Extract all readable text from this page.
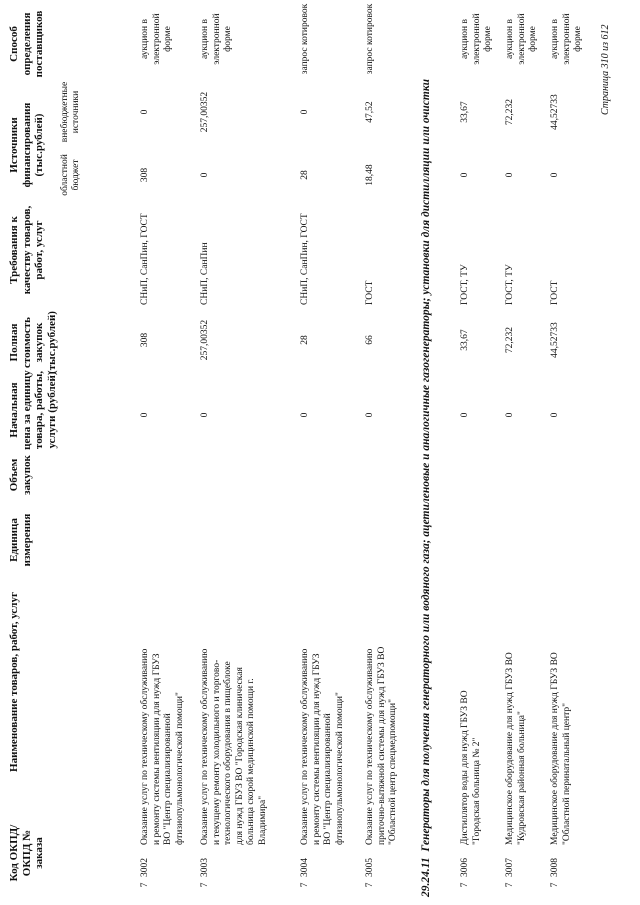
Код ОКПД/ ОКПД № заказа
Наименование товаров, работ, услуг
Единица измерения
Объем закупок
Начальная цена за единицу товара, работы, услуги (рублей)
Полная стоимость закупок (тыс.рублей)
Требования к качеству товаров, работ, услуг
Источники финансирования (тыс.рублей) областной бюджет
внебюджетные источники
Способ определения поставщиков
7
3002
Оказание услуг по техническому обслуживанию и ремонту системы вентиляции для нужд ГБУЗ ВО "Центр специализированной фтизиопульмонологической помощи"
0
308
СНиП, СанПин, ГОСТ
308
0
аукцион в электронной форме
7
3003
Оказание услуг по техническому обслуживанию и текущему ремонту холодильного и торгово-технологического оборудования в пищеблоке для нужд ГБУЗ ВО "Городская клиническая больница скорой медицинской помощи г. Владимира"
0
257,00352
СНиП, СанПин
0
257,00352
аукцион в электронной форме
7
3004
Оказание услуг по техническому обслуживанию и ремонту системы вентиляции для нужд ГБУЗ ВО "Центр специализированной фтизиопульмонологической помощи"
0
28
СНиП, СанПин, ГОСТ
28
0
запрос котировок
7
3005
Оказание услуг по техническому обслуживанию приточно-вытяжной системы для нужд ГБУЗ ВО "Областной центр спецмедпомощи"
0
66
ГОСТ
18,48
47,52
запрос котировок
29.24.11  Генераторы для получения генераторного или водяного газа; ацетиленовые и аналогичные газогенераторы; установки для дистилляции или очистки
7
3006
Дистиллятор воды для нужд ГБУЗ ВО "Городская больница № 2"
0
33,67
ГОСТ, ТУ
0
33,67
аукцион в электронной форме
7
3007
Медицинское оборудование для нужд ГБУЗ ВО "Кудровская районная больница"
0
72,232
ГОСТ, ТУ
0
72,232
аукцион в электронной форме
7
3008
Медицинское оборудование для нужд ГБУЗ ВО "Областной перинатальный центр"
0
44,52733
ГОСТ
0
44,52733
аукцион в электронной форме Страница 310 из 612
